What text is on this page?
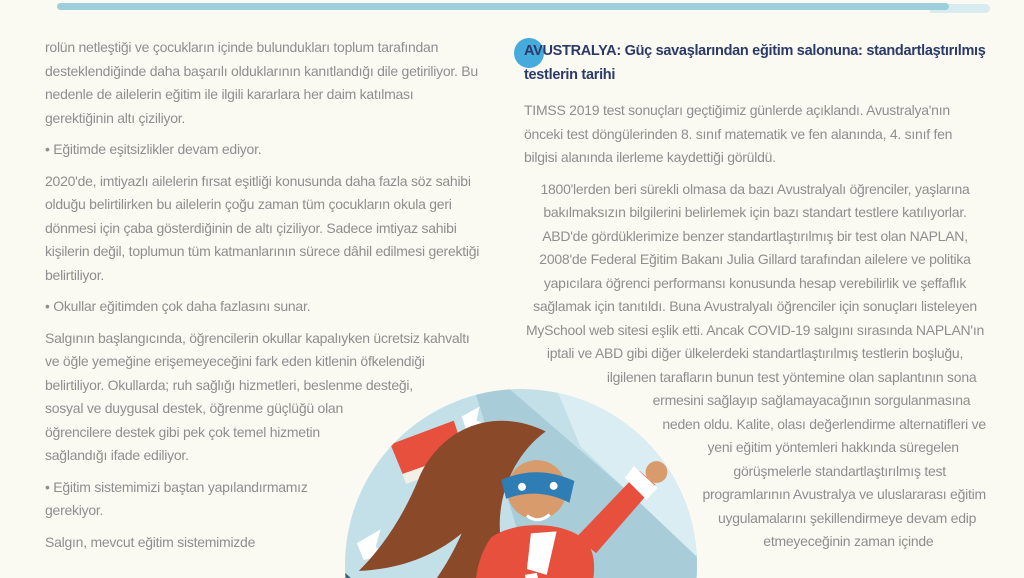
rolün netleştiği ve çocukların içinde bulundukları toplum tarafından desteklendiğinde daha başarılı olduklarının kanıtlandığı dile getiriliyor. Bu nedenle de ailelerin eğitim ile ilgili kararlara her daim katılması gerektiğinin altı çiziliyor.

• Eğitimde eşitsizlikler devam ediyor.

2020'de, imtiyazlı ailelerin fırsat eşitliği konusunda daha fazla söz sahibi olduğu belirtilirken bu ailelerin çoğu zaman tüm çocukların okula geri dönmesi için çaba gösterdiğinin de altı çiziliyor. Sadece imtiyaz sahibi kişilerin değil, toplumun tüm katmanlarının sürece dâhil edilmesi gerektiği belirtiliyor.

• Okullar eğitimden çok daha fazlasını sunar.

Salgının başlangıcında, öğrencilerin okullar kapalıyken ücretsiz kahvaltı ve öğle yemeğine erişemeyeceğini fark eden kitlenin öfkelendiği belirtiliyor. Okullarda; ruh sağlığı hizmetleri, beslenme desteği, sosyal ve duygusal destek, öğrenme güçlüğü olan öğrencilere destek gibi pek çok temel hizmetin sağlandığı ifade ediliyor.

• Eğitim sistemimizi baştan yapılandırmamız gerekiyor.

Salgın, mevcut eğitim sistemimizde

AVUSTRALYA: Güç savaşlarından eğitim salonuna: standartlaştırılmış testlerin tarihi

TIMSS 2019 test sonuçları geçtiğimiz günlerde açıklandı. Avustralya'nın önceki test döngülerinden 8. sınıf matematik ve fen alanında, 4. sınıf fen bilgisi alanında ilerleme kaydettiği görüldü.

1800'lerden beri sürekli olmasa da bazı Avustralyalı öğrenciler, yaşlarına bakılmaksızın bilgilerini belirlemek için bazı standart testlere katılıyorlar. ABD'de gördüklerimize benzer standartlaştırılmış bir test olan NAPLAN, 2008'de Federal Eğitim Bakanı Julia Gillard tarafından ailelere ve politika yapıcılara öğrenci performansı konusunda hesap verebilirlik ve şeffaflık sağlamak için tanıtıldı. Buna Avustralyalı öğrenciler için sonuçları listeleyen MySchool web sitesi eşlik etti. Ancak COVID-19 salgını sırasında NAPLAN'ın iptali ve ABD gibi diğer ülkelerdeki standartlaştırılmış testlerin boşluğu, ilgilenen tarafların bunun test yöntemine olan saplantının sona ermesini sağlayıp sağlamayacağının sorgulanmasına neden oldu. Kalite, olası değerlendirme alternatifleri ve yeni eğitim yöntemleri hakkında süregelen görüşmelerle standartlaştırılmış test programlarının Avustralya ve uluslararası eğitim uygulamalarını şekillendirmeye devam edip etmeyeceğinin zaman içinde
